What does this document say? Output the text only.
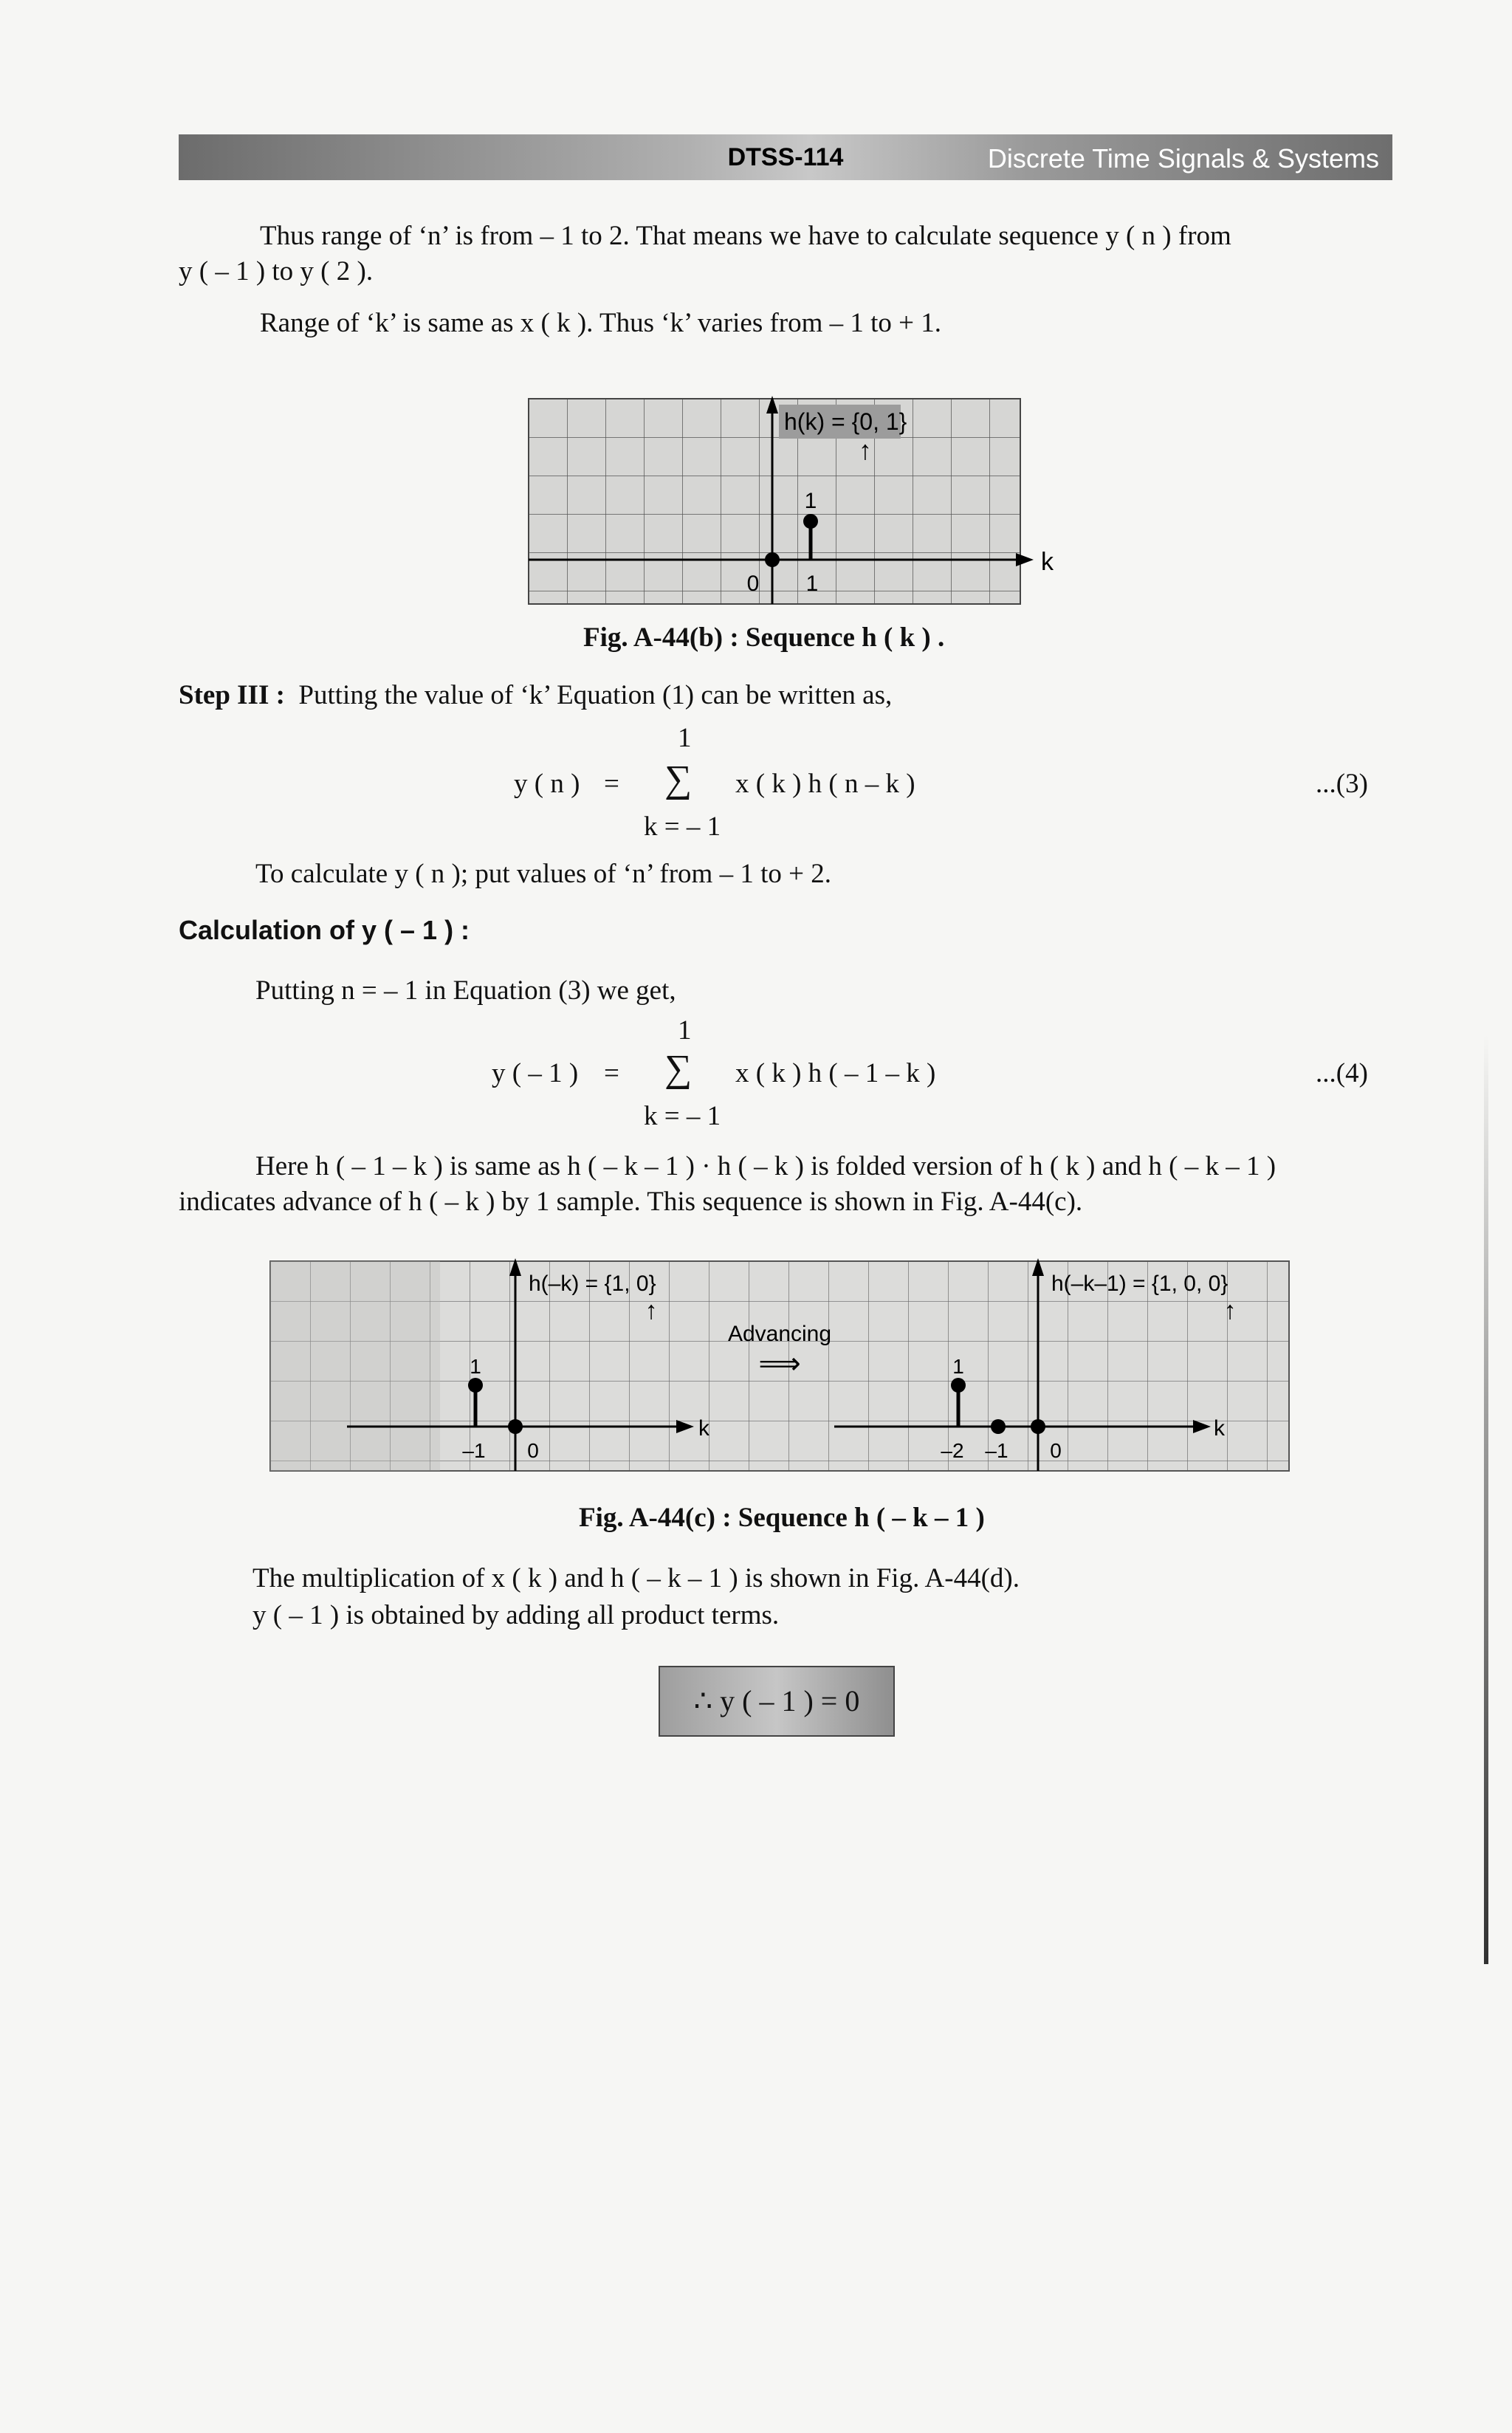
DTSS-114	Discrete Time Signals & Systems
Thus range of ‘n’ is from – 1 to 2. That means we have to calculate sequence y ( n ) from
y ( – 1 ) to y ( 2 ).
Range of ‘k’ is same as x ( k ). Thus ‘k’ varies from – 1 to + 1.
h(k) = {0, 1}
↑
1
0 1
k
Fig. A-44(b) : Sequence h ( k ) .
Step III : Putting the value of ‘k’ Equation (1) can be written as,
1
y ( n ) = ∑ x ( k ) h ( n – k )	...(3)
k = – 1
To calculate y ( n ); put values of ‘n’ from – 1 to + 2.
Calculation of y ( – 1 ) :
Putting n = – 1 in Equation (3) we get,
1
y ( – 1 ) = ∑ x ( k ) h ( – 1 – k )	...(4)
k = – 1
Here h ( – 1 – k ) is same as h ( – k – 1 ) · h ( – k ) is folded version of h ( k ) and h ( – k – 1 )
indicates advance of h ( – k ) by 1 sample. This sequence is shown in Fig. A-44(c).
h(–k) = {1, 0}
↑
1
–1 0
k
Advancing
⟹
h(–k–1) = {1, 0, 0}
↑
1
–2 –1 0
k
Fig. A-44(c) : Sequence h ( – k – 1 )
The multiplication of x ( k ) and h ( – k – 1 ) is shown in Fig. A-44(d).
y ( – 1 ) is obtained by adding all product terms.
∴ y ( – 1 ) = 0
